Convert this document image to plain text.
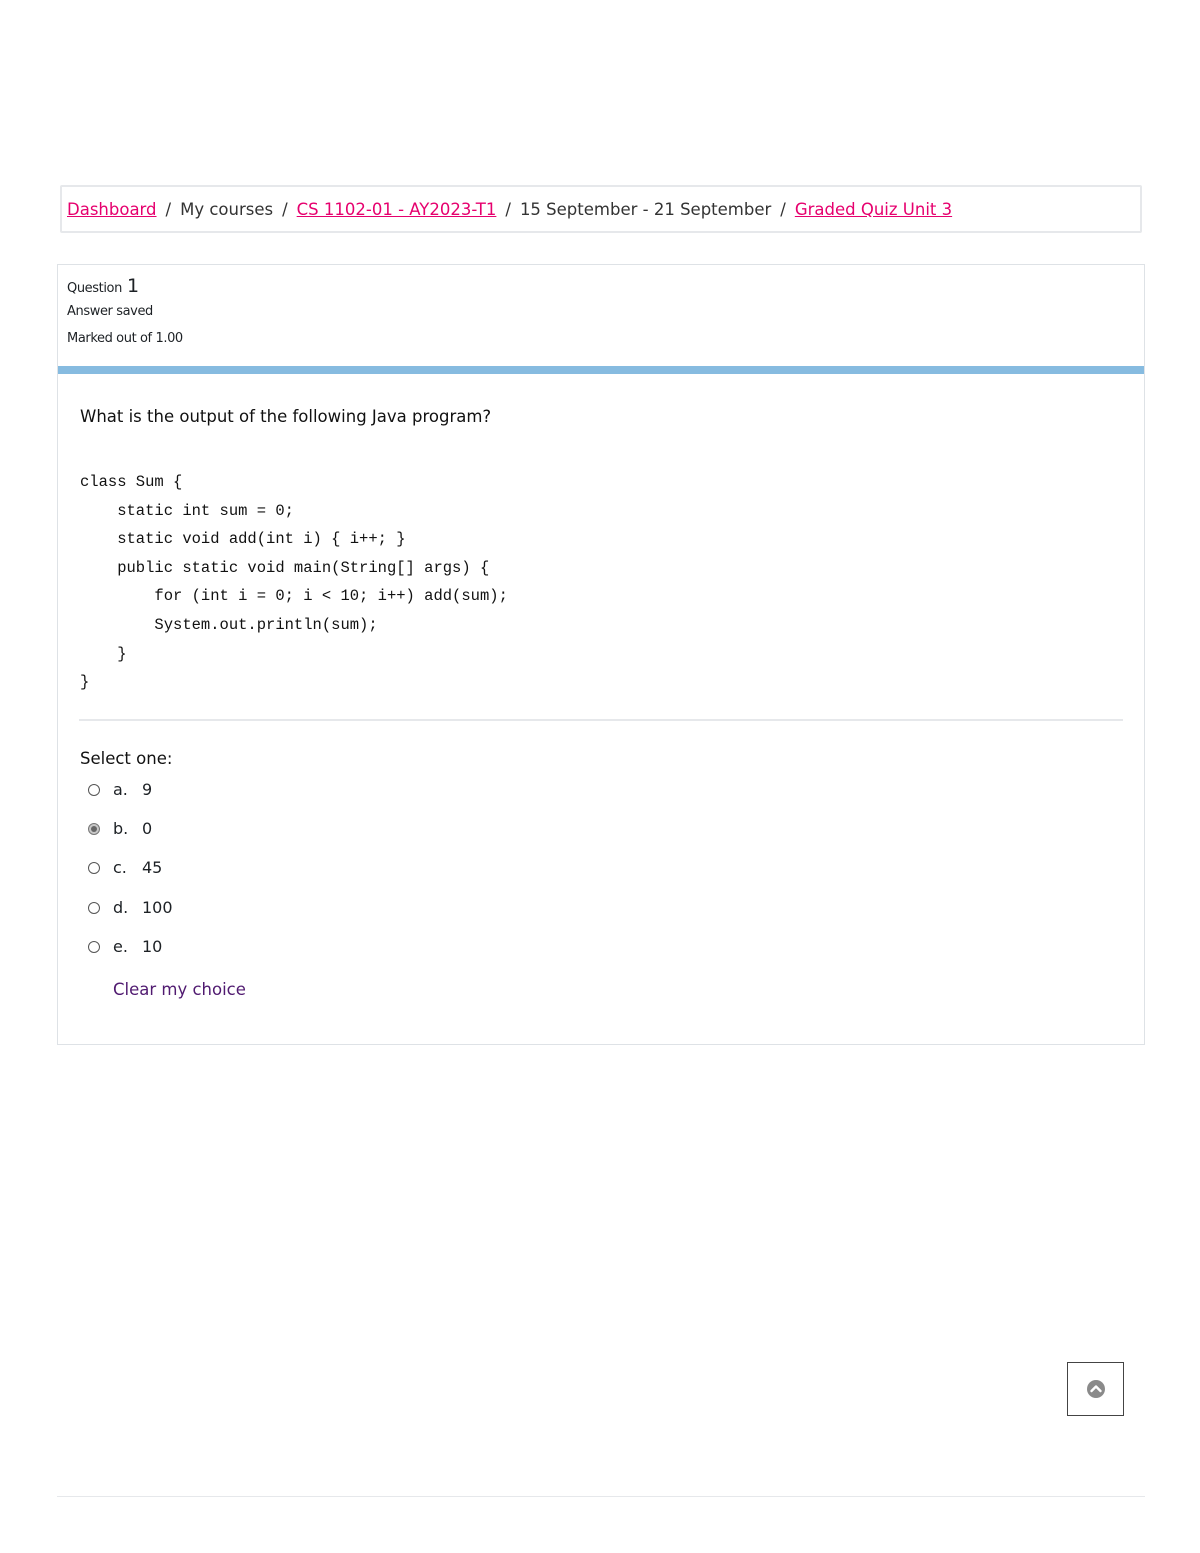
Dashboard / My courses / CS 1102-01 - AY2023-T1 / 15 September - 21 September / Graded Quiz Unit 3
Question 1
Answer saved
Marked out of 1.00
What is the output of the following Java program?
class Sum {
static int sum = 0;
static void add(int i) { i++; }
public static void main(String[] args) {
for (int i = 0; i < 10; i++) add(sum);
System.out.println(sum);
}
}
Select one:
a. 9
b. 0
c. 45
d. 100
e. 10
Clear my choice
